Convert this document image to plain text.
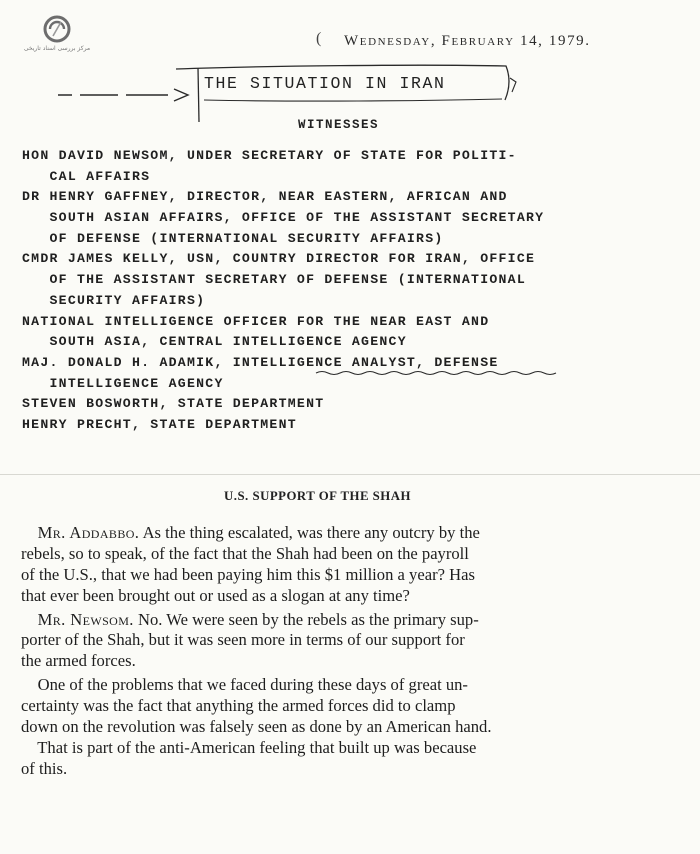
مرکز بررسی اسناد تاریخی
( Wednesday, February 14, 1979.
THE SITUATION IN IRAN
WITNESSES
HON DAVID NEWSOM, UNDER SECRETARY OF STATE FOR POLITI-
CAL AFFAIRS
DR HENRY GAFFNEY, DIRECTOR, NEAR EASTERN, AFRICAN AND
SOUTH ASIAN AFFAIRS, OFFICE OF THE ASSISTANT SECRETARY
OF DEFENSE (INTERNATIONAL SECURITY AFFAIRS)
CMDR JAMES KELLY, USN, COUNTRY DIRECTOR FOR IRAN, OFFICE
OF THE ASSISTANT SECRETARY OF DEFENSE (INTERNATIONAL
SECURITY AFFAIRS)
NATIONAL INTELLIGENCE OFFICER FOR THE NEAR EAST AND
SOUTH ASIA, CENTRAL INTELLIGENCE AGENCY
MAJ. DONALD H. ADAMIK, INTELLIGENCE ANALYST, DEFENSE
INTELLIGENCE AGENCY
STEVEN BOSWORTH, STATE DEPARTMENT
HENRY PRECHT, STATE DEPARTMENT
U.S. SUPPORT OF THE SHAH
Mr. Addabbo. As the thing escalated, was there any outcry by the
rebels, so to speak, of the fact that the Shah had been on the payroll
of the U.S., that we had been paying him this $1 million a year? Has
that ever been brought out or used as a slogan at any time?
Mr. Newsom. No. We were seen by the rebels as the primary sup-
porter of the Shah, but it was seen more in terms of our support for
the armed forces.
One of the problems that we faced during these days of great un-
certainty was the fact that anything the armed forces did to clamp
down on the revolution was falsely seen as done by an American hand.
That is part of the anti-American feeling that built up was because
of this.
